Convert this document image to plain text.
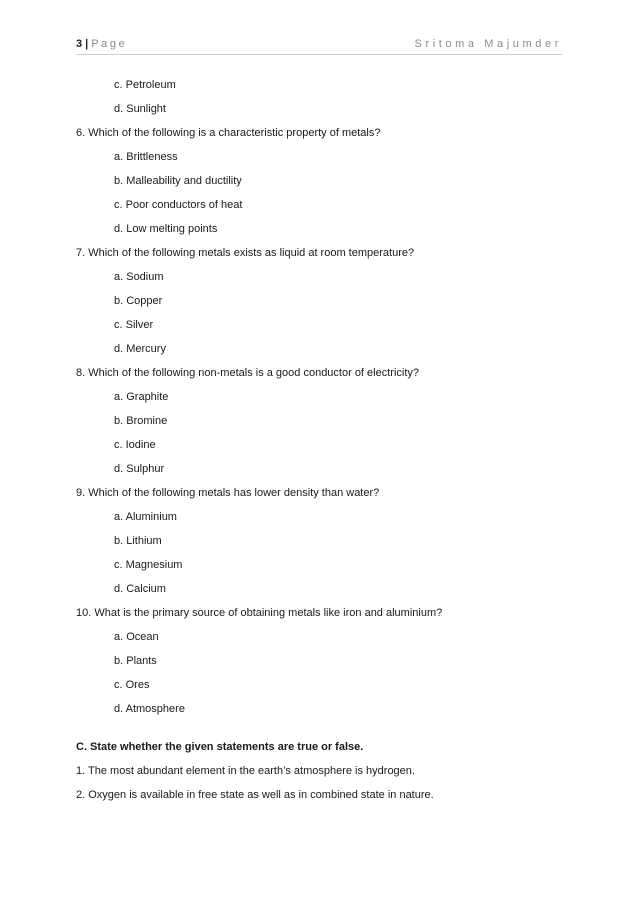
3 | Page	Sritoma Majumder
c. Petroleum
d. Sunlight
6. Which of the following is a characteristic property of metals?
a. Brittleness
b. Malleability and ductility
c. Poor conductors of heat
d. Low melting points
7. Which of the following metals exists as liquid at room temperature?
a. Sodium
b. Copper
c. Silver
d. Mercury
8. Which of the following non-metals is a good conductor of electricity?
a. Graphite
b. Bromine
c. Iodine
d. Sulphur
9. Which of the following metals has lower density than water?
a. Aluminium
b. Lithium
c. Magnesium
d. Calcium
10. What is the primary source of obtaining metals like iron and aluminium?
a. Ocean
b. Plants
c. Ores
d. Atmosphere
C. State whether the given statements are true or false.
1. The most abundant element in the earth’s atmosphere is hydrogen.
2. Oxygen is available in free state as well as in combined state in nature.
